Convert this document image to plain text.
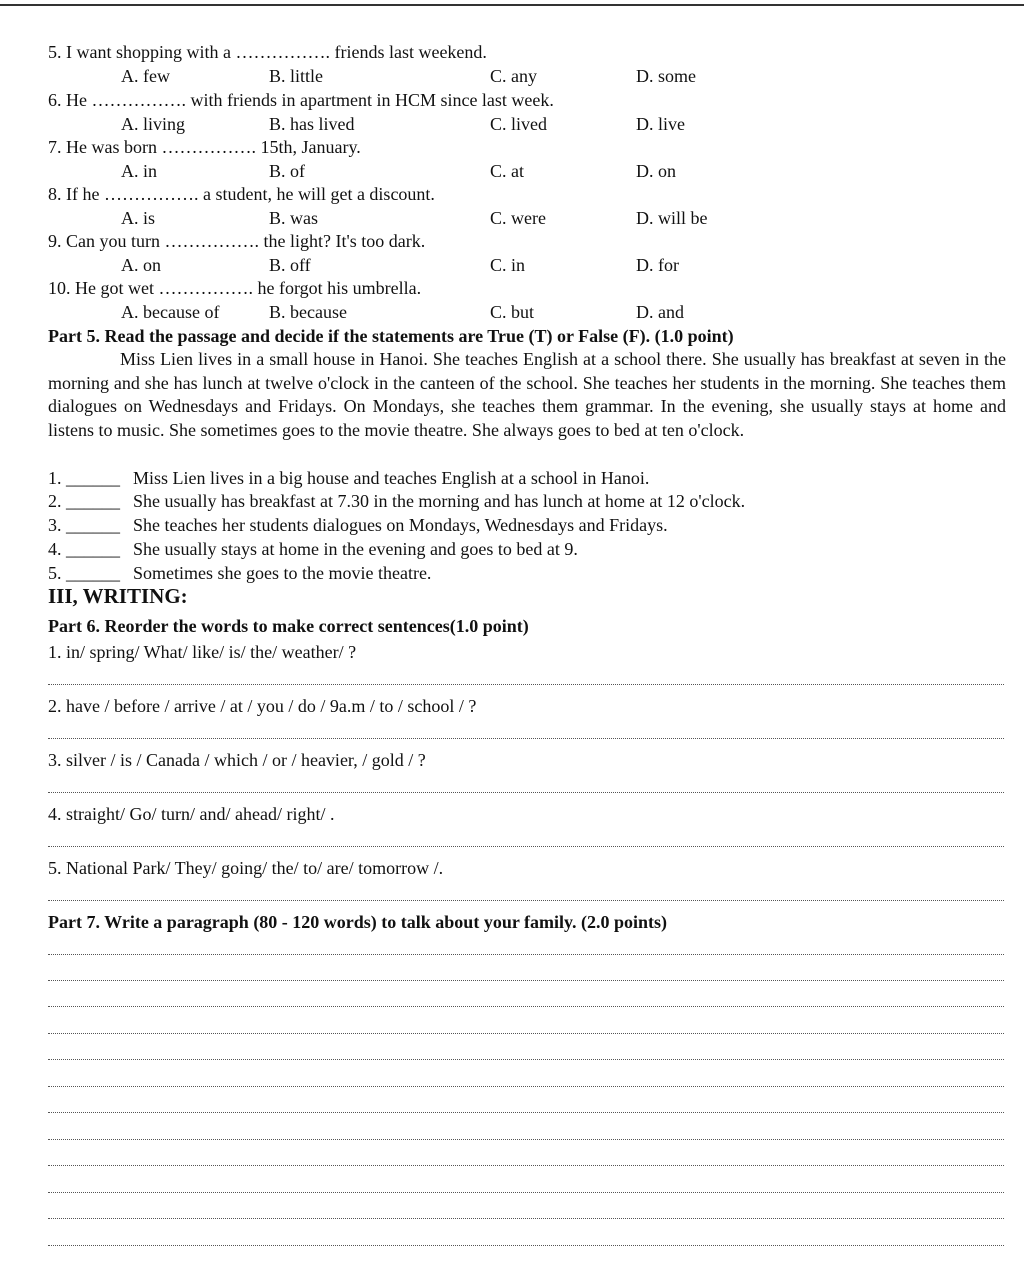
5. I want shopping with a ……………. friends last weekend.
A. few	B. little	C. any	D. some
6. He ……………. with friends in apartment in HCM since last week.
A. living	B. has lived	C. lived	D. live
7. He was born ……………. 15th, January.
A. in	B. of	C. at	D. on
8. If he ……………. a student, he will get a discount.
A. is	B. was	C. were	D. will be
9. Can you turn ……………. the light? It's too dark.
A. on	B. off	C. in	D. for
10. He got wet ……………. he forgot his umbrella.
A. because of	B. because	C. but	D. and
Part 5. Read the passage and decide if the statements are True (T) or False (F). (1.0 point)
Miss Lien lives in a small house in Hanoi. She teaches English at a school there. She usually has breakfast at seven in the morning and she has lunch at twelve o'clock in the canteen of the school. She teaches her students in the morning. She teaches them dialogues on Wednesdays and Fridays. On Mondays, she teaches them grammar. In the evening, she usually stays at home and listens to music. She sometimes goes to the movie theatre. She always goes to bed at ten o'clock.
1. ______ Miss Lien lives in a big house and teaches English at a school in Hanoi.
2. ______ She usually has breakfast at 7.30 in the morning and has lunch at home at 12 o'clock.
3. ______ She teaches her students dialogues on Mondays, Wednesdays and Fridays.
4. ______ She usually stays at home in the evening and goes to bed at 9.
5. ______ Sometimes she goes to the movie theatre.
III, WRITING:
Part 6. Reorder the words to make correct sentences(1.0 point)
1. in/ spring/ What/ like/ is/ the/ weather/ ?
2. have / before / arrive / at / you / do / 9a.m / to / school / ?
3. silver / is / Canada / which / or / heavier, / gold / ?
4. straight/ Go/ turn/ and/ ahead/ right/ .
5. National Park/ They/ going/ the/ to/ are/ tomorrow /.
Part 7. Write a paragraph (80 - 120 words) to talk about your family. (2.0 points)
